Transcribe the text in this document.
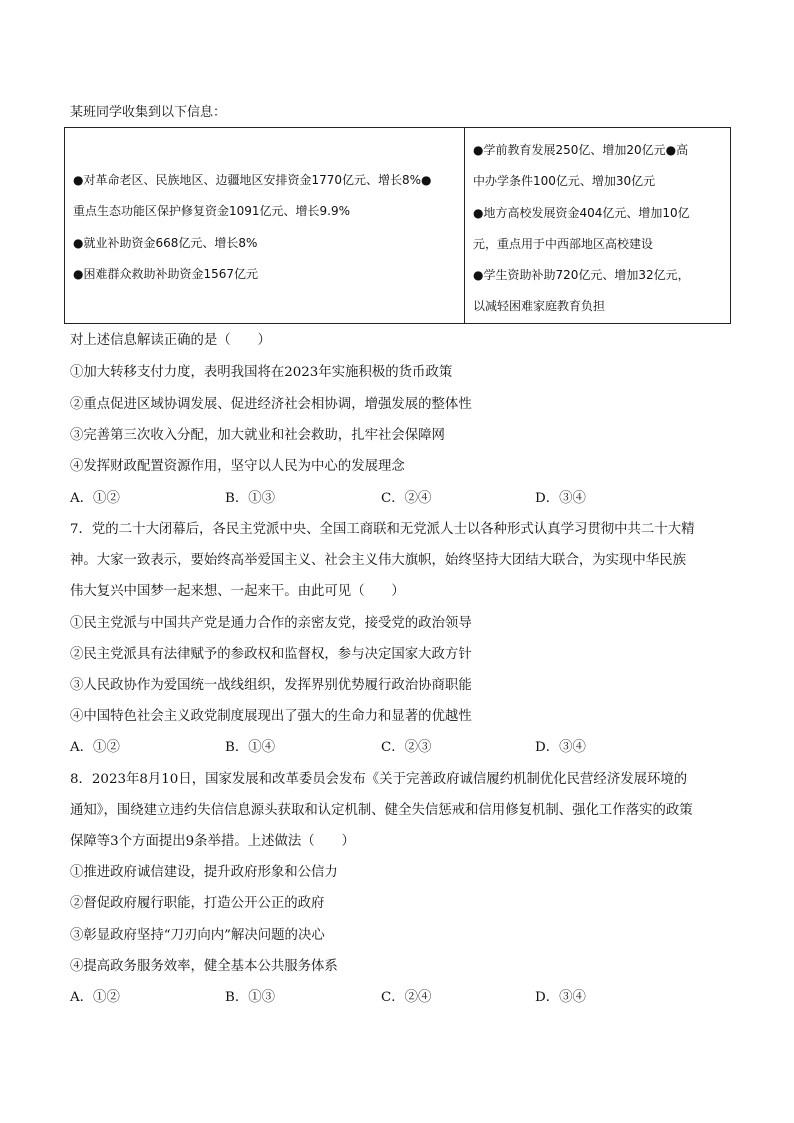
某班同学收集到以下信息：
●对革命老区、民族地区、边疆地区安排资金1770亿元、增长8%●
重点生态功能区保护修复资金1091亿元、增长9.9%
●就业补助资金668亿元、增长8%
●困难群众救助补助资金1567亿元

●学前教育发展250亿、增加20亿元●高
中办学条件100亿元、增加30亿元
●地方高校发展资金404亿元、增加10亿
元，重点用于中西部地区高校建设
●学生资助补助720亿元、增加32亿元，
以减轻困难家庭教育负担
对上述信息解读正确的是（　　）
①加大转移支付力度，表明我国将在2023年实施积极的货币政策
②重点促进区域协调发展、促进经济社会相协调，增强发展的整体性
③完善第三次收入分配，加大就业和社会救助，扎牢社会保障网
④发挥财政配置资源作用，坚守以人民为中心的发展理念
A．①②	B．①③	C．②④	D．③④
7．党的二十大闭幕后，各民主党派中央、全国工商联和无党派人士以各种形式认真学习贯彻中共二十大精
神。大家一致表示，要始终高举爱国主义、社会主义伟大旗帜，始终坚持大团结大联合，为实现中华民族
伟大复兴中国梦一起来想、一起来干。由此可见（　　）
①民主党派与中国共产党是通力合作的亲密友党，接受党的政治领导
②民主党派具有法律赋予的参政权和监督权，参与决定国家大政方针
③人民政协作为爱国统一战线组织，发挥界别优势履行政治协商职能
④中国特色社会主义政党制度展现出了强大的生命力和显著的优越性
A．①②	B．①④	C．②③	D．③④
8．2023年8月10日，国家发展和改革委员会发布《关于完善政府诚信履约机制优化民营经济发展环境的
通知》，围绕建立违约失信信息源头获取和认定机制、健全失信惩戒和信用修复机制、强化工作落实的政策
保障等3个方面提出9条举措。上述做法（　　）
①推进政府诚信建设，提升政府形象和公信力
②督促政府履行职能，打造公开公正的政府
③彰显政府坚持“刀刃向内”解决问题的决心
④提高政务服务效率，健全基本公共服务体系
A．①②	B．①③	C．②④	D．③④
